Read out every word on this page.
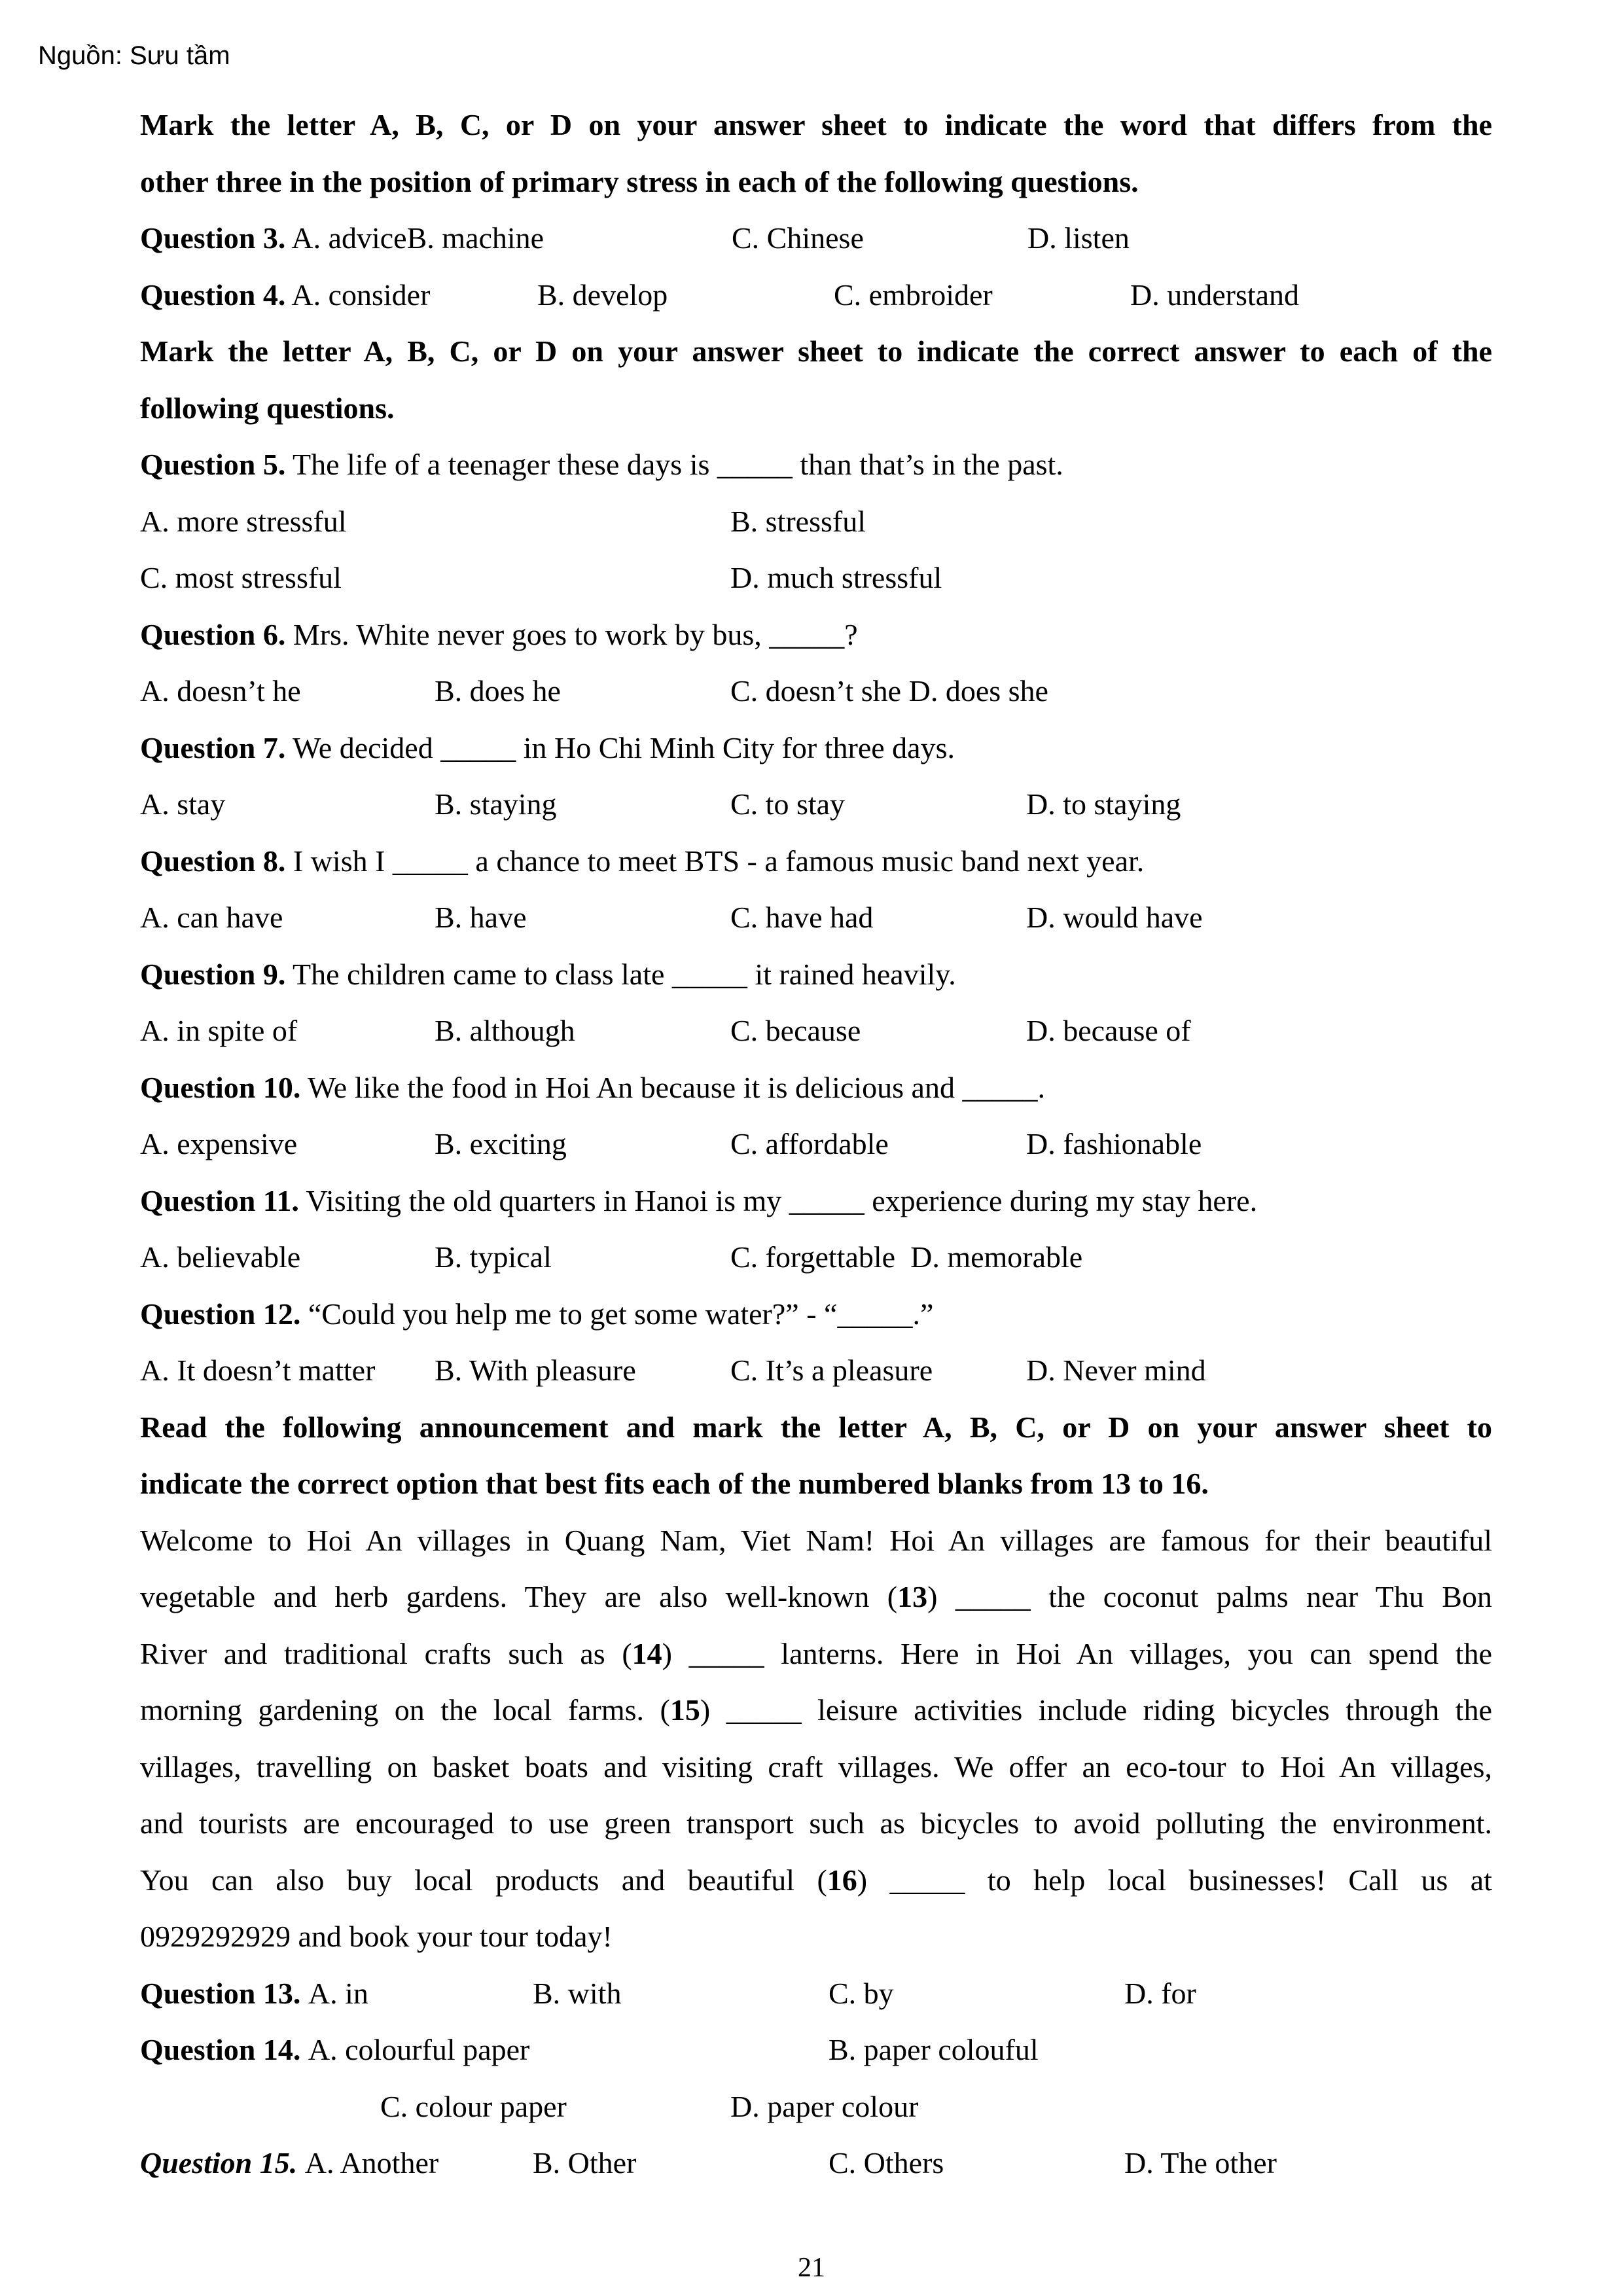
Nguồn: Sưu tầm
Mark the letter A, B, C, or D on your answer sheet to indicate the word that differs from the
other three in the position of primary stress in each of the following questions.
Question 3. A. adviceB. machine	C. Chinese	D. listen
Question 4. A. consider	B. develop	C. embroider	D. understand
Mark the letter A, B, C, or D on your answer sheet to indicate the correct answer to each of the
following questions.
Question 5. The life of a teenager these days is _____ than that’s in the past.
A. more stressful	B. stressful
C. most stressful	D. much stressful
Question 6. Mrs. White never goes to work by bus, _____?
A. doesn’t he	B. does he	C. doesn’t she
D. does she
Question 7. We decided _____ in Ho Chi Minh City for three days.
A. stay	B. staying	C. to stay	D. to staying
Question 8. I wish I _____ a chance to meet BTS - a famous music band next year.
A. can have	B. have	C. have had	D. would have
Question 9. The children came to class late _____ it rained heavily.
A. in spite of	B. although	C. because	D. because of
Question 10. We like the food in Hoi An because it is delicious and _____.
A. expensive	B. exciting	C. affordable	D. fashionable
Question 11. Visiting the old quarters in Hanoi is my _____ experience during my stay here.
A. believable	B. typical	C. forgettable
D. memorable
Question 12. “Could you help me to get some water?” - “_____.”
A. It doesn’t matter	B. With pleasure	C. It’s a pleasure	D. Never mind
Read the following announcement and mark the letter A, B, C, or D on your answer sheet to
indicate the correct option that best fits each of the numbered blanks from 13 to 16.
Welcome to Hoi An villages in Quang Nam, Viet Nam! Hoi An villages are famous for their beautiful
vegetable and herb gardens. They are also well-known (13) _____ the coconut palms near Thu Bon
River and traditional crafts such as (14) _____ lanterns. Here in Hoi An villages, you can spend the
morning gardening on the local farms. (15) _____ leisure activities include riding bicycles through the
villages, travelling on basket boats and visiting craft villages. We offer an eco-tour to Hoi An villages,
and tourists are encouraged to use green transport such as bicycles to avoid polluting the environment.
You can also buy local products and beautiful (16) _____ to help local businesses! Call us at
0929292929 and book your tour today!
Question 13. A. in	B. with	C. by	D. for
Question 14. A. colourful paper	B. paper colouful
C. colour paper	D. paper colour
Question 15. A. Another	B. Other	C. Others	D. The other
21
